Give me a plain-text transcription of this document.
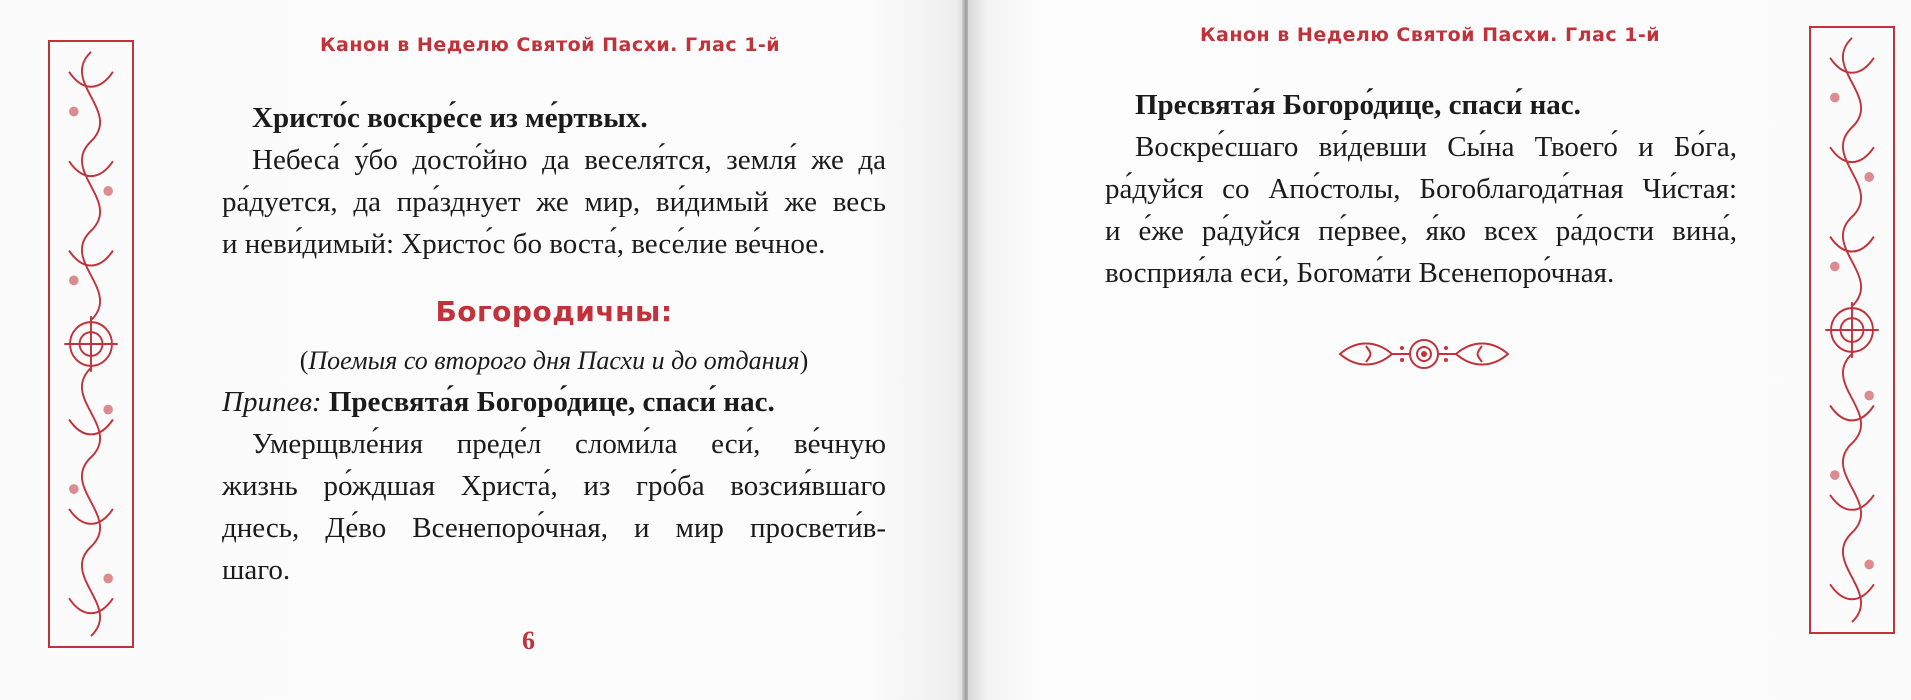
Канон в Неделю Святой Пасхи. Глас 1-й
Христо́с воскре́се из ме́ртвых.
Небеса́ у́бо досто́йно да веселя́тся, земля́ же да
ра́дуется, да пра́зднует же мир, ви́димый же весь
и неви́димый: Христо́с бо воста́, весе́лие ве́чное.
Богородичны:
(Поемыя со второго дня Пасхи и до отдания)
Припев: Пресвята́я Богоро́дице, спаси́ нас.
Умерщвле́ния преде́л сломи́ла еси́, ве́чную
жизнь ро́ждшая Христа́, из гро́ба возсия́вшаго
днесь, Де́во Всенепоро́чная, и мир просвети́в-
шаго.
6
Канон в Неделю Святой Пасхи. Глас 1-й
Пресвята́я Богоро́дице, спаси́ нас.
Воскре́сшаго ви́девши Сы́на Твоего́ и Бо́га,
ра́дуйся со Апо́столы, Богоблагода́тная Чи́стая:
и е́же ра́дуйся пе́рвее, я́ко всех ра́дости вина́,
восприя́ла еси́, Богома́ти Всенепоро́чная.
